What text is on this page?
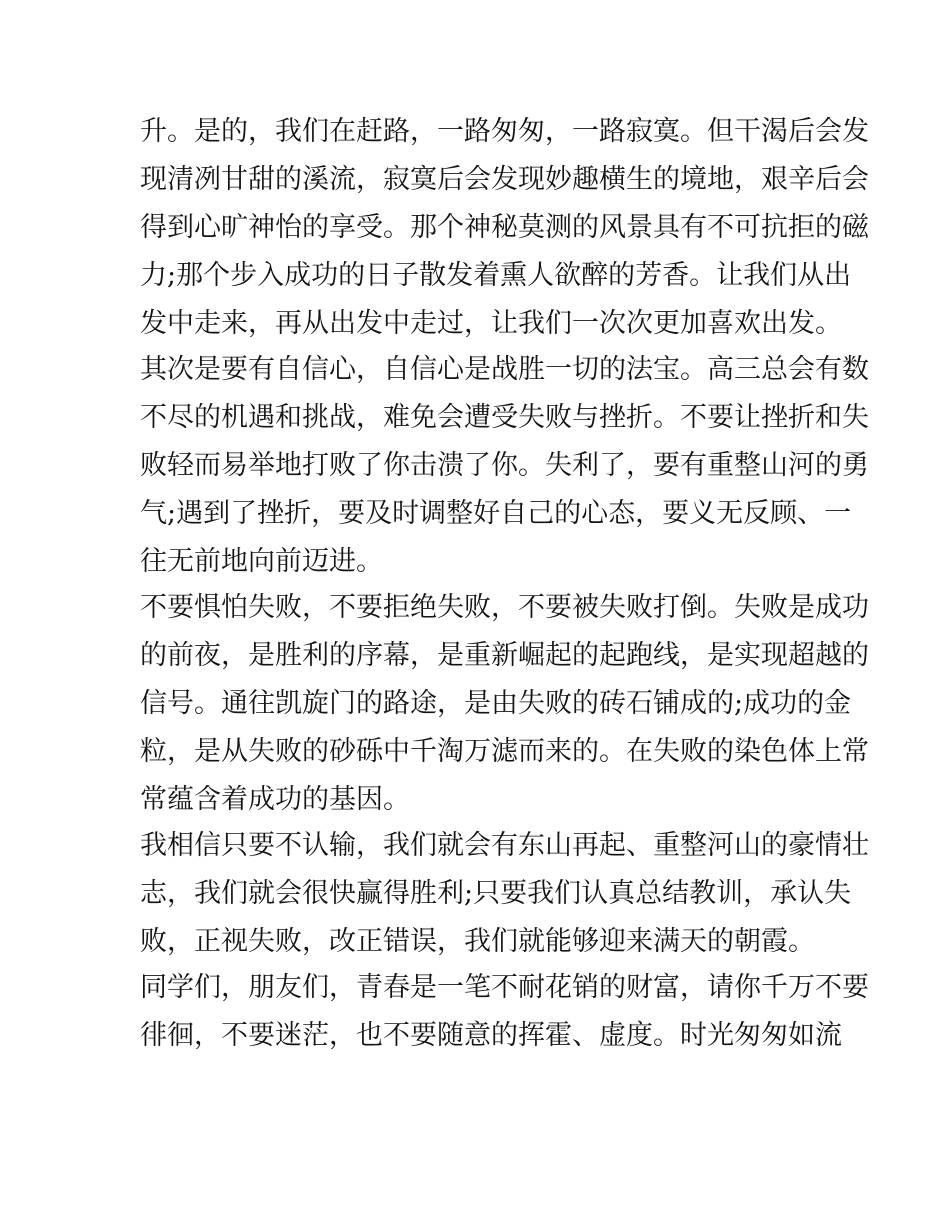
升。是的，我们在赶路，一路匆匆，一路寂寞。但干渴后会发
现清冽甘甜的溪流，寂寞后会发现妙趣横生的境地，艰辛后会
得到心旷神怡的享受。那个神秘莫测的风景具有不可抗拒的磁
力;那个步入成功的日子散发着熏人欲醉的芳香。让我们从出
发中走来，再从出发中走过，让我们一次次更加喜欢出发。
其次是要有自信心，自信心是战胜一切的法宝。高三总会有数
不尽的机遇和挑战，难免会遭受失败与挫折。不要让挫折和失
败轻而易举地打败了你击溃了你。失利了，要有重整山河的勇
气;遇到了挫折，要及时调整好自己的心态，要义无反顾、一
往无前地向前迈进。
不要惧怕失败，不要拒绝失败，不要被失败打倒。失败是成功
的前夜，是胜利的序幕，是重新崛起的起跑线，是实现超越的
信号。通往凯旋门的路途，是由失败的砖石铺成的;成功的金
粒，是从失败的砂砾中千淘万滤而来的。在失败的染色体上常
常蕴含着成功的基因。
我相信只要不认输，我们就会有东山再起、重整河山的豪情壮
志，我们就会很快赢得胜利;只要我们认真总结教训，承认失
败，正视失败，改正错误，我们就能够迎来满天的朝霞。
同学们，朋友们，青春是一笔不耐花销的财富，请你千万不要
徘徊，不要迷茫，也不要随意的挥霍、虚度。时光匆匆如流
